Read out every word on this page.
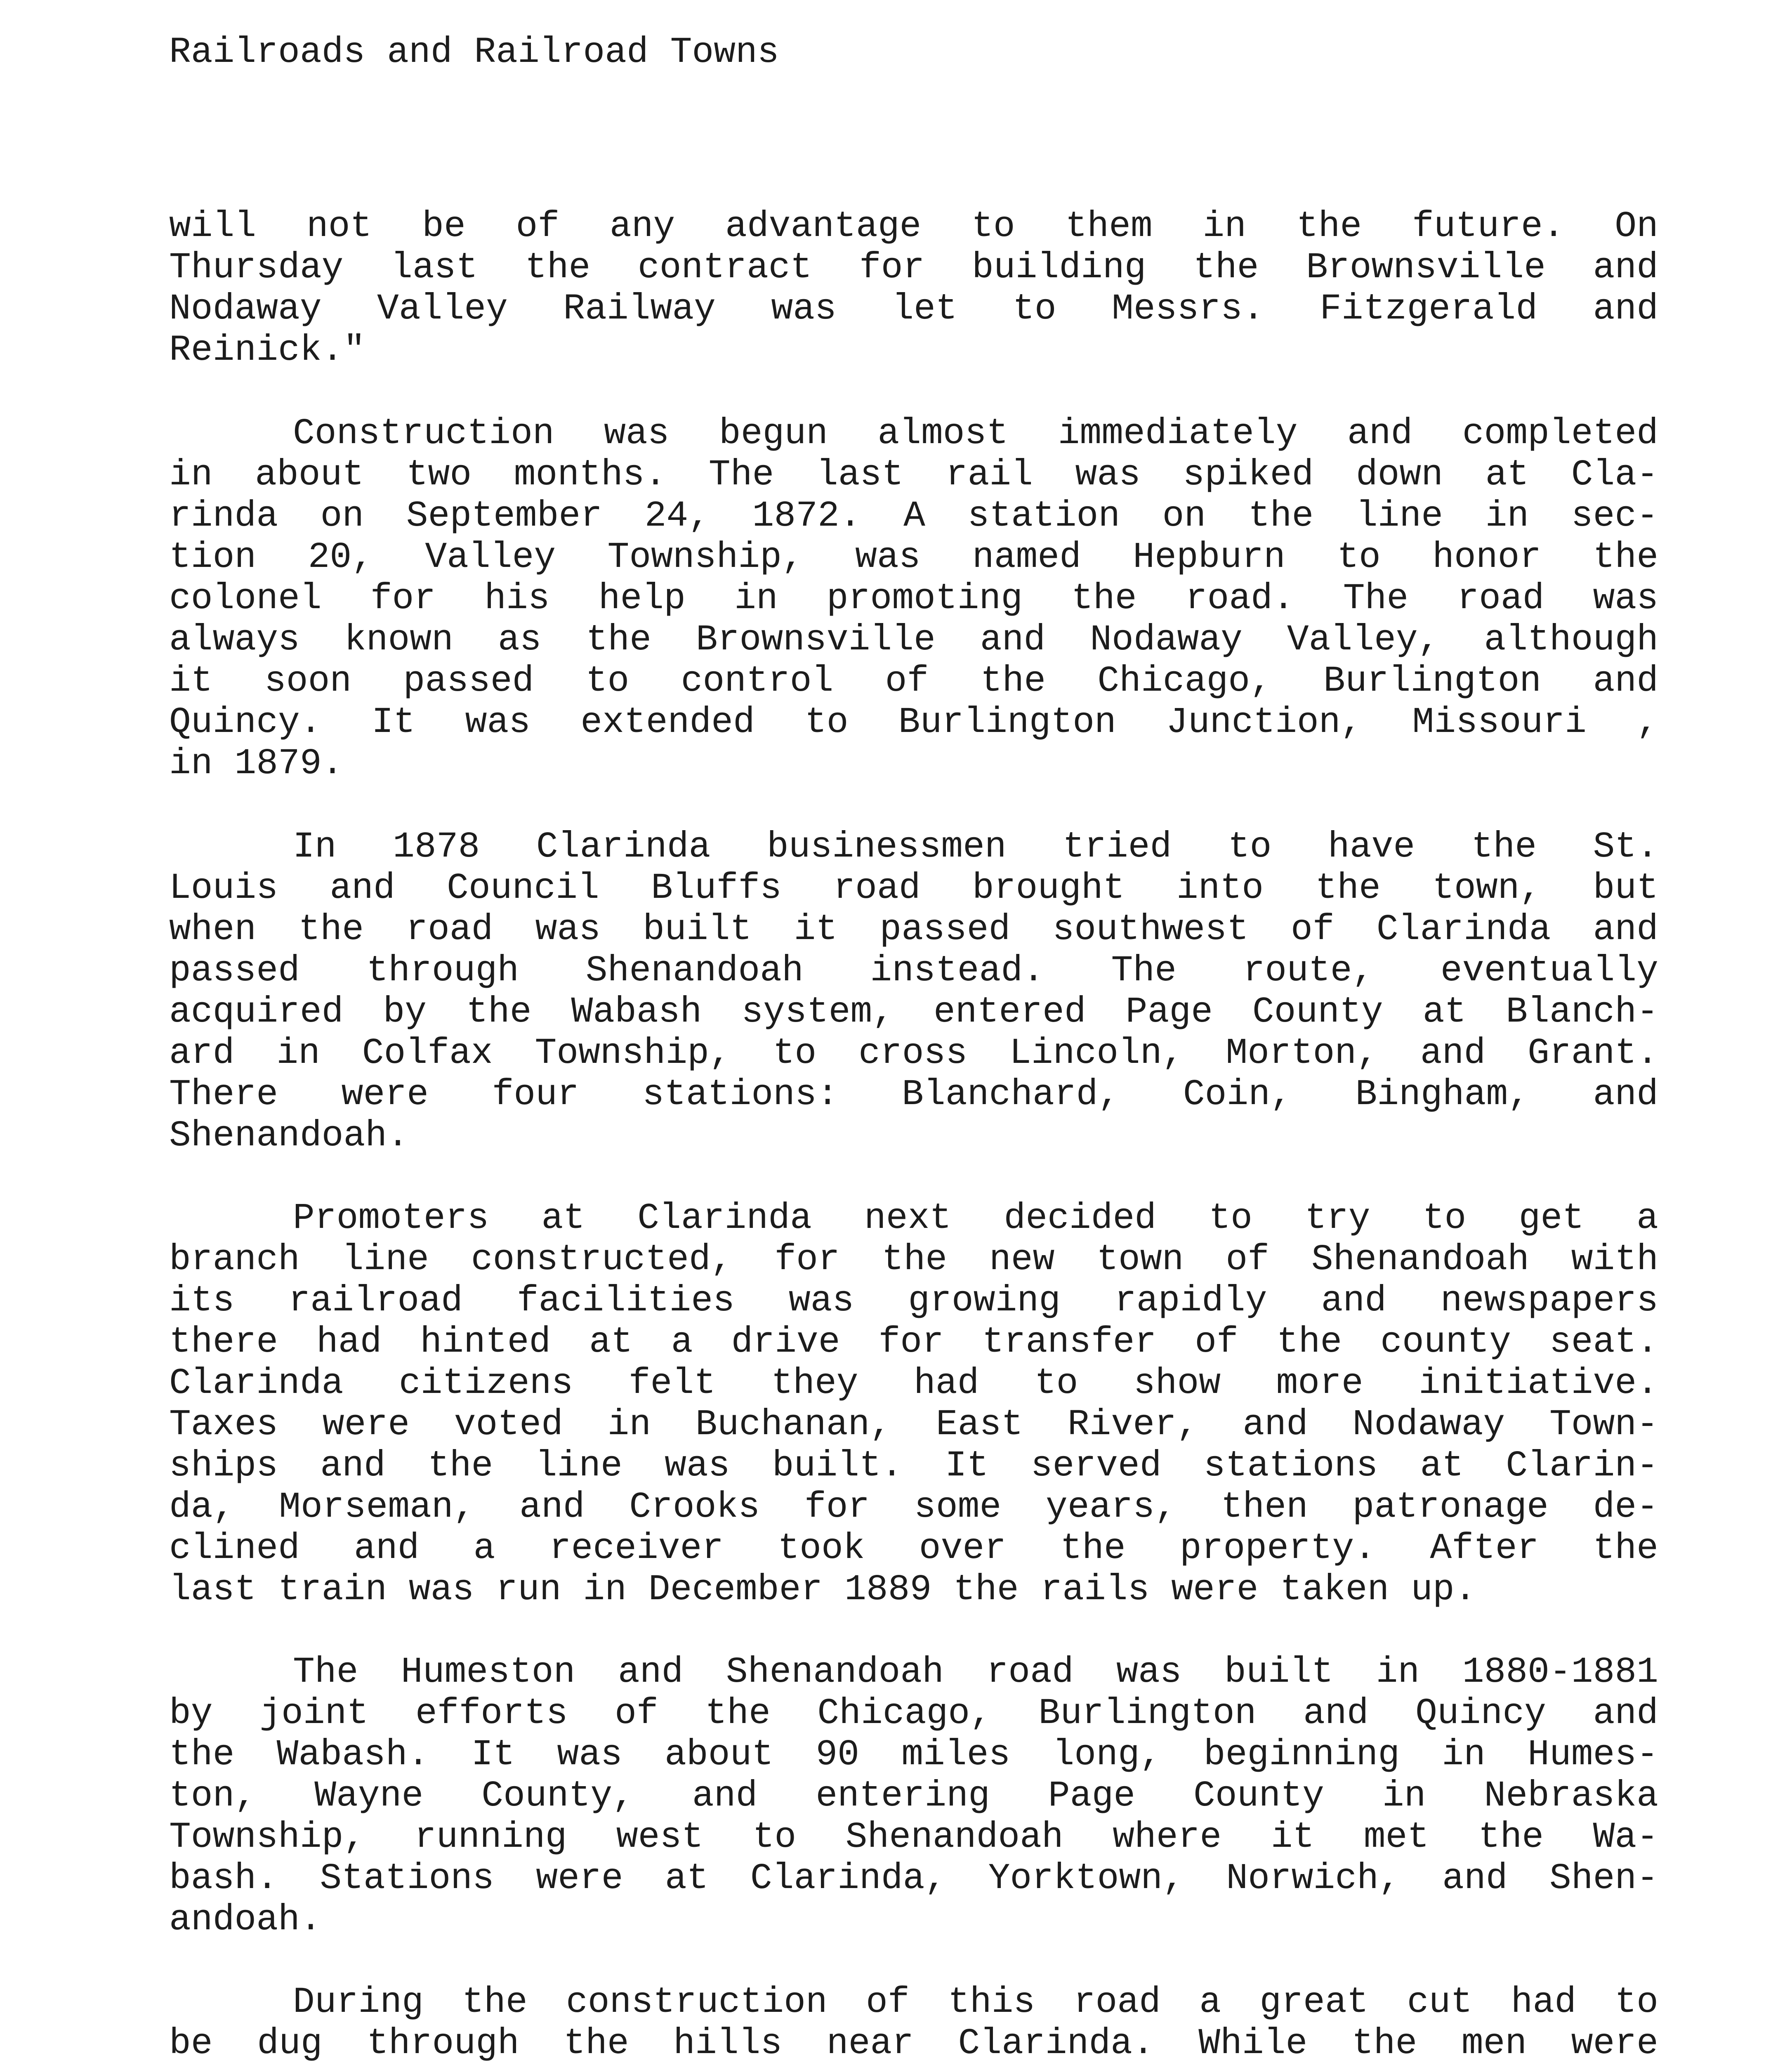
Railroads and Railroad Towns
will not be of any advantage to them in the future. On
Thursday last the contract for building the Brownsville and
Nodaway Valley Railway was let to Messrs. Fitzgerald and
Reinick."
Construction was begun almost immediately and completed
in about two months. The last rail was spiked down at Cla-
rinda on September 24, 1872. A station on the line in sec-
tion 20, Valley Township, was named Hepburn to honor the
colonel for his help in promoting the road. The road was
always known as the Brownsville and Nodaway Valley, although
it soon passed to control of the Chicago, Burlington and
Quincy. It was extended to Burlington Junction, Missouri ,
in 1879.
In 1878 Clarinda businessmen tried to have the St.
Louis and Council Bluffs road brought into the town, but
when the road was built it passed southwest of Clarinda and
passed through Shenandoah instead. The route, eventually
acquired by the Wabash system, entered Page County at Blanch-
ard in Colfax Township, to cross Lincoln, Morton, and Grant.
There were four stations: Blanchard, Coin, Bingham, and
Shenandoah.
Promoters at Clarinda next decided to try to get a
branch line constructed, for the new town of Shenandoah with
its railroad facilities was growing rapidly and newspapers
there had hinted at a drive for transfer of the county seat.
Clarinda citizens felt they had to show more initiative.
Taxes were voted in Buchanan, East River, and Nodaway Town-
ships and the line was built. It served stations at Clarin-
da, Morseman, and Crooks for some years, then patronage de-
clined and a receiver took over the property. After the
last train was run in December 1889 the rails were taken up.
The Humeston and Shenandoah road was built in 1880-1881
by joint efforts of the Chicago, Burlington and Quincy and
the Wabash. It was about 90 miles long, beginning in Humes-
ton, Wayne County, and entering Page County in Nebraska
Township, running west to Shenandoah where it met the Wa-
bash. Stations were at Clarinda, Yorktown, Norwich, and Shen-
andoah.
During the construction of this road a great cut had to
be dug through the hills near Clarinda. While the men were
